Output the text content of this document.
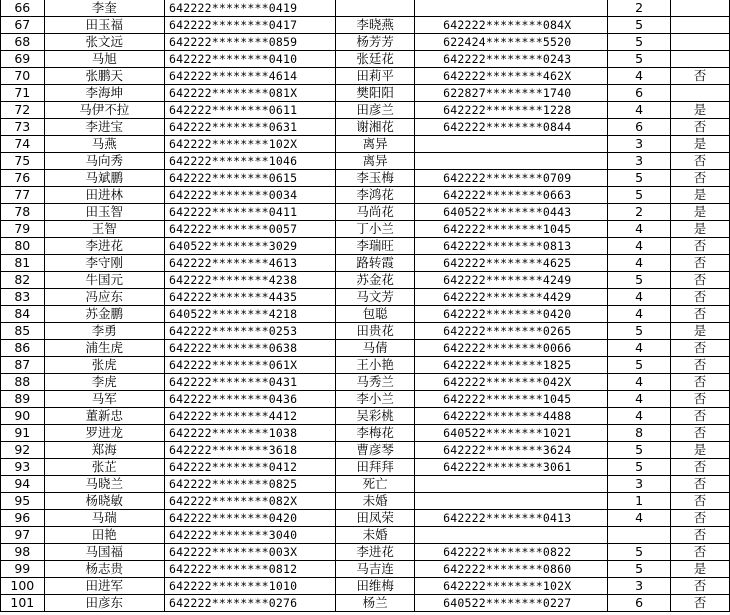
66	李奎	642222********0419			2	
67	田玉福	642222********0417	李晓燕	642222********084X	5	
68	张文远	642222********0859	杨芳芳	622424********5520	5	
69	马旭	642222********0410	张廷花	642222********0243	5	
70	张鹏天	642222********4614	田莉平	642222********462X	4	否
71	李海坤	642222********081X	樊阳阳	622827********1740	6	
72	马伊不拉	642222********0611	田彦兰	642222********1228	4	是
73	李进宝	642222********0631	谢湘花	642222********0844	6	否
74	马燕	642222********102X	离异		3	是
75	马向秀	642222********1046	离异		3	否
76	马斌鹏	642222********0615	李玉梅	642222********0709	5	否
77	田进林	642222********0034	李鸿花	642222********0663	5	是
78	田玉智	642222********0411	马尚花	640522********0443	2	是
79	王智	642222********0057	丁小兰	642222********1045	4	是
80	李进花	640522********3029	李瑞旺	642222********0813	4	否
81	李守刚	642222********4613	路转霞	642222********4625	4	否
82	牛国元	642222********4238	苏金花	642222********4249	5	否
83	冯应东	642222********4435	马文芳	642222********4429	4	否
84	苏金鹏	640522********4218	包聪	642222********0420	4	否
85	李勇	642222********0253	田贵花	642222********0265	5	是
86	浦生虎	642222********0638	马倩	642222********0066	4	否
87	张虎	642222********061X	王小艳	642222********1825	5	否
88	李虎	642222********0431	马秀兰	642222********042X	4	否
89	马军	642222********0436	李小兰	642222********1045	4	否
90	董新忠	642222********4412	吴彩桃	642222********4488	4	否
91	罗进龙	642222********1038	李梅花	640522********1021	8	否
92	郑海	642222********3618	曹彦琴	642222********3624	5	是
93	张芷	642222********0412	田拜拜	642222********3061	5	否
94	马晓兰	642222********0825	死亡		3	否
95	杨晓敏	642222********082X	未婚		1	否
96	马瑞	642222********0420	田凤荣	642222********0413	4	否
97	田艳	642222********3040	未婚			否
98	马国福	642222********003X	李进花	642222********0822	5	否
99	杨志贵	642222********0812	马吉连	642222********0860	5	是
100	田进军	642222********1010	田维梅	642222********102X	3	否
101	田彦东	642222********0276	杨兰	640522********0227	6	否
